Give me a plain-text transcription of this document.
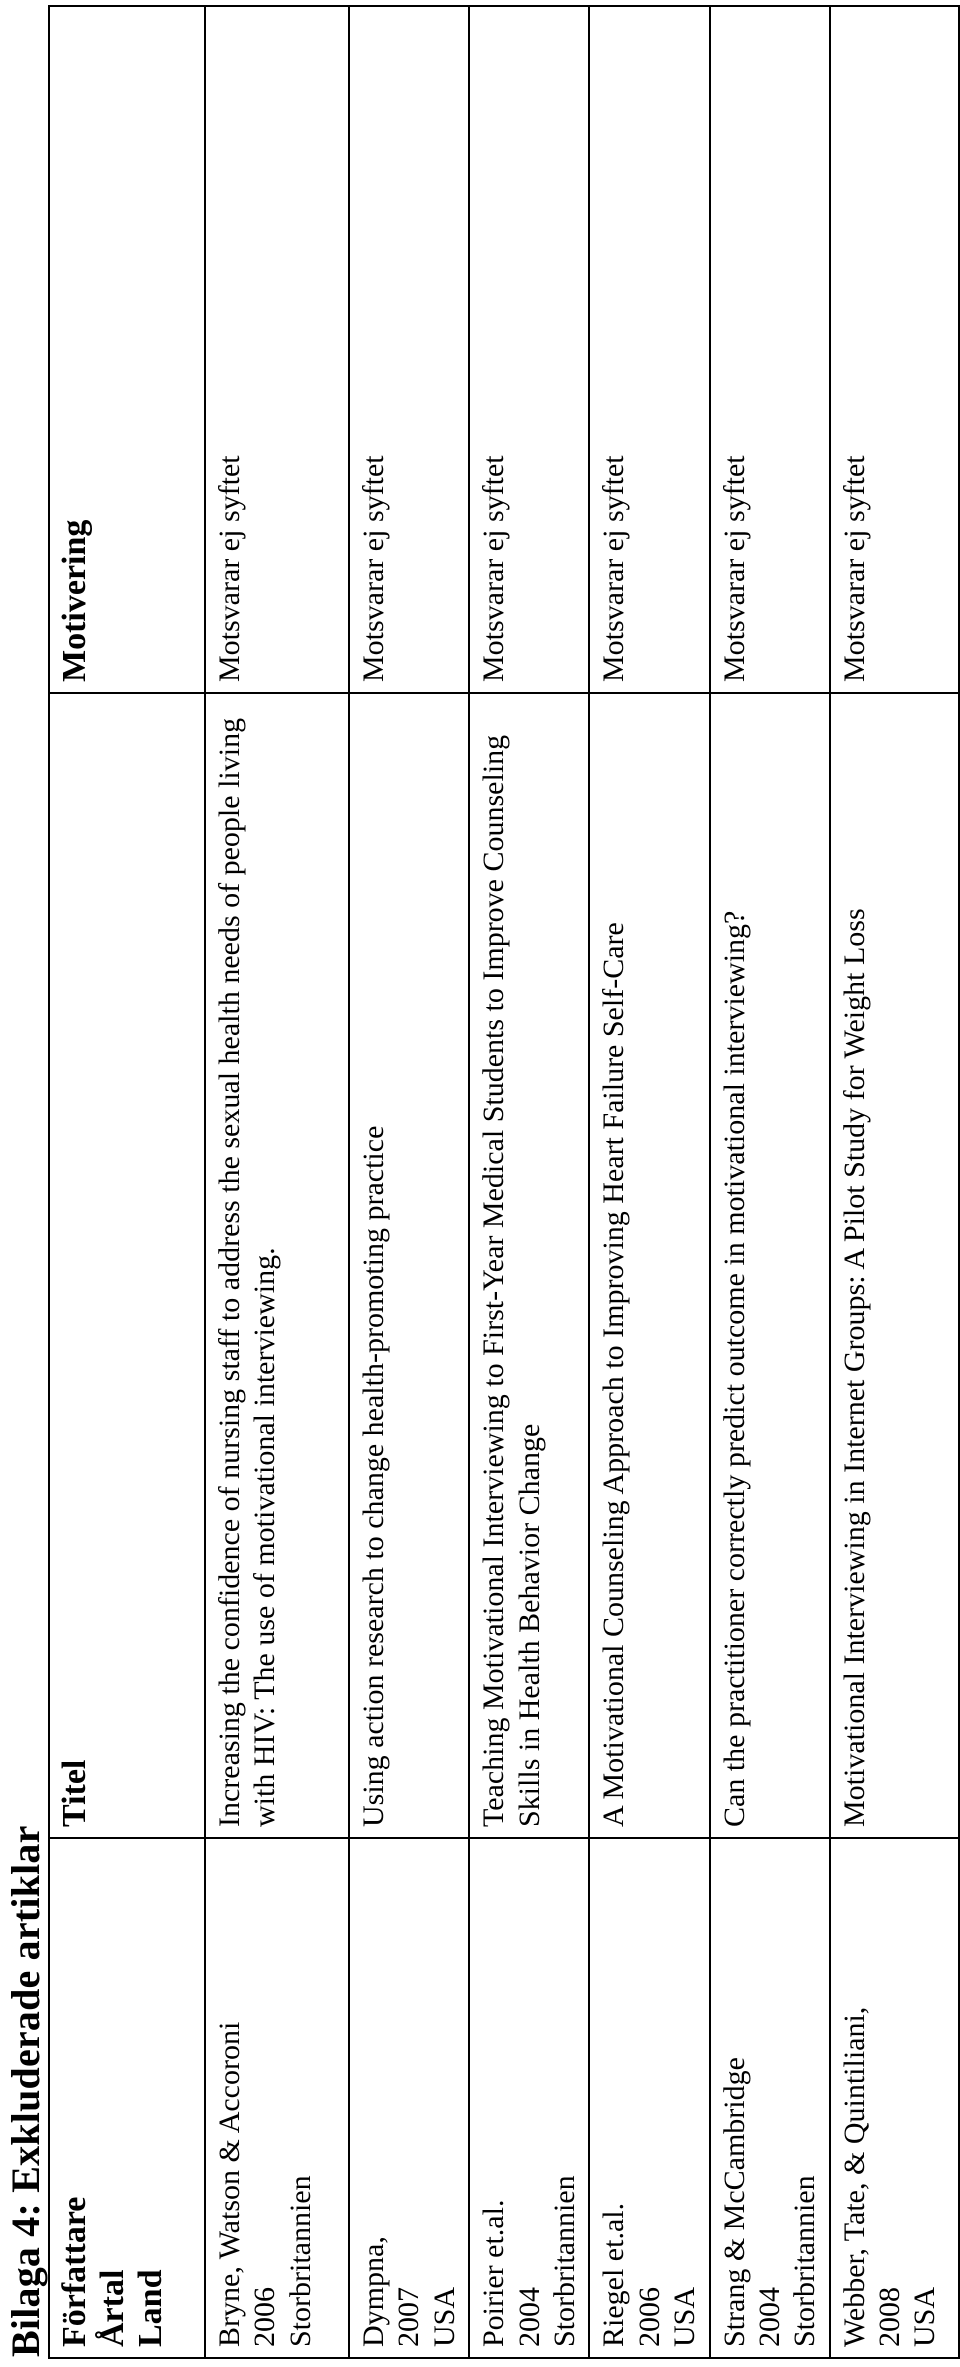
Bilaga 4: Exkluderade artiklar Författare Årtal Land	Titel	Motivering

Bryne, Watson & Accoroni 2006 Storbritannien	Increasing the confidence of nursing staff to address the sexual health needs of people living with HIV: The use of motivational interviewing.	Motsvarar ej syftet

Dympna, 2007 USA	Using action research to change health-promoting practice	Motsvarar ej syftet

Poirier et.al. 2004 Storbritannien	Teaching Motivational Interviewing to First-Year Medical Students to Improve Counseling Skills in Health Behavior Change	Motsvarar ej syftet

Riegel et.al. 2006 USA	A Motivational Counseling Approach to Improving Heart Failure Self-Care	Motsvarar ej syftet

Strang & McCambridge 2004 Storbritannien	Can the practitioner correctly predict outcome in motivational interviewing?	Motsvarar ej syftet

Webber, Tate, & Quintiliani, 2008 USA	Motivational Interviewing in Internet Groups: A Pilot Study for Weight Loss	Motsvarar ej syftet
